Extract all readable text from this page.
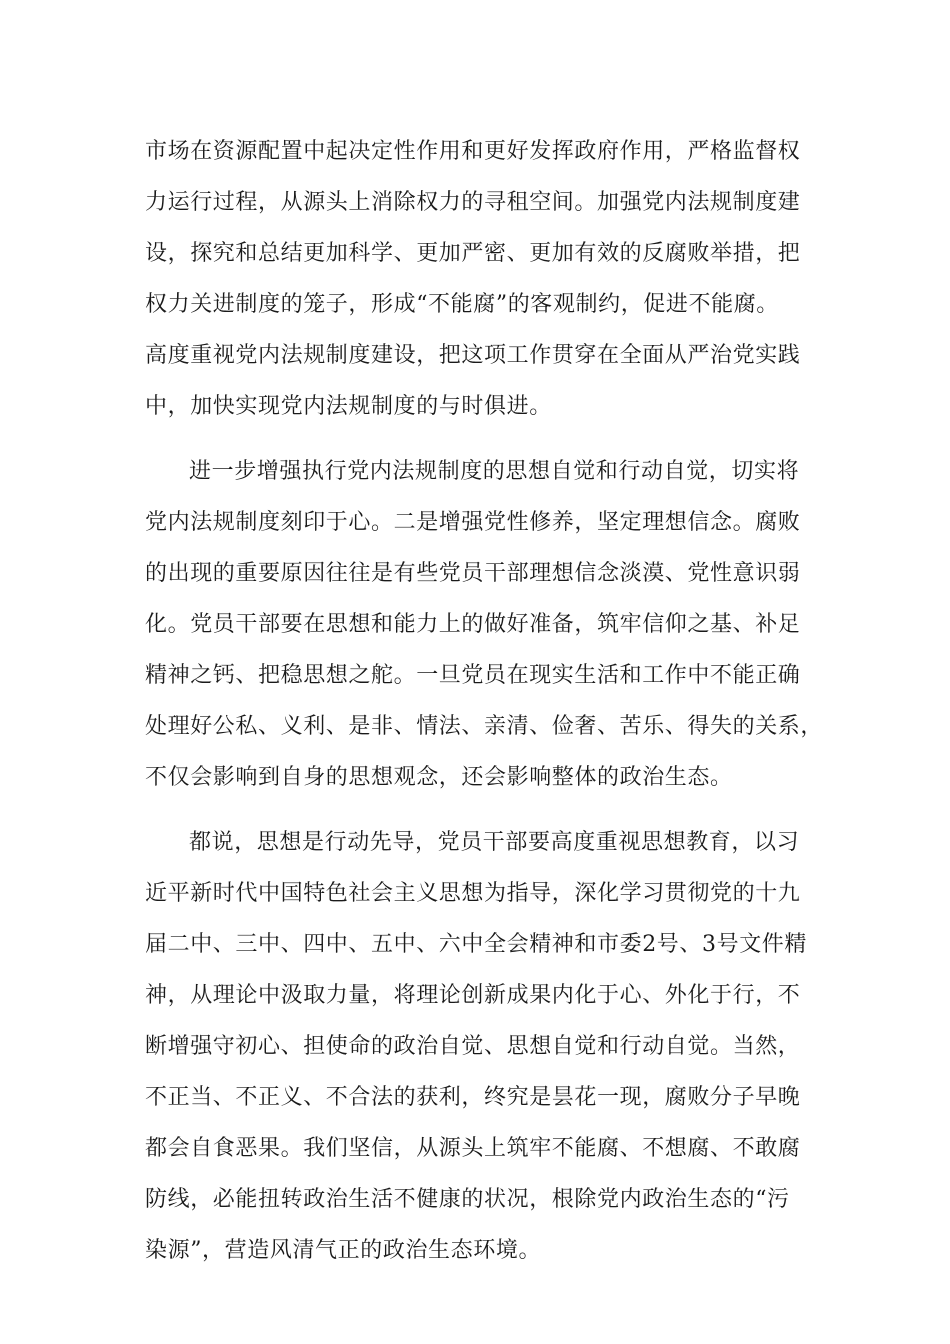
市场在资源配置中起决定性作用和更好发挥政府作用，严格监督权
力运行过程，从源头上消除权力的寻租空间。加强党内法规制度建
设，探究和总结更加科学、更加严密、更加有效的反腐败举措，把
权力关进制度的笼子，形成“不能腐”的客观制约，促进不能腐。
高度重视党内法规制度建设，把这项工作贯穿在全面从严治党实践
中，加快实现党内法规制度的与时俱进。
进一步增强执行党内法规制度的思想自觉和行动自觉，切实将
党内法规制度刻印于心。二是增强党性修养，坚定理想信念。腐败
的出现的重要原因往往是有些党员干部理想信念淡漠、党性意识弱
化。党员干部要在思想和能力上的做好准备，筑牢信仰之基、补足
精神之钙、把稳思想之舵。一旦党员在现实生活和工作中不能正确
处理好公私、义利、是非、情法、亲清、俭奢、苦乐、得失的关系，
不仅会影响到自身的思想观念，还会影响整体的政治生态。
都说，思想是行动先导，党员干部要高度重视思想教育，以习
近平新时代中国特色社会主义思想为指导，深化学习贯彻党的十九
届二中、三中、四中、五中、六中全会精神和市委2号、3号文件精
神，从理论中汲取力量，将理论创新成果内化于心、外化于行，不
断增强守初心、担使命的政治自觉、思想自觉和行动自觉。当然，
不正当、不正义、不合法的获利，终究是昙花一现，腐败分子早晚
都会自食恶果。我们坚信，从源头上筑牢不能腐、不想腐、不敢腐
防线，必能扭转政治生活不健康的状况，根除党内政治生态的“污
染源”，营造风清气正的政治生态环境。
